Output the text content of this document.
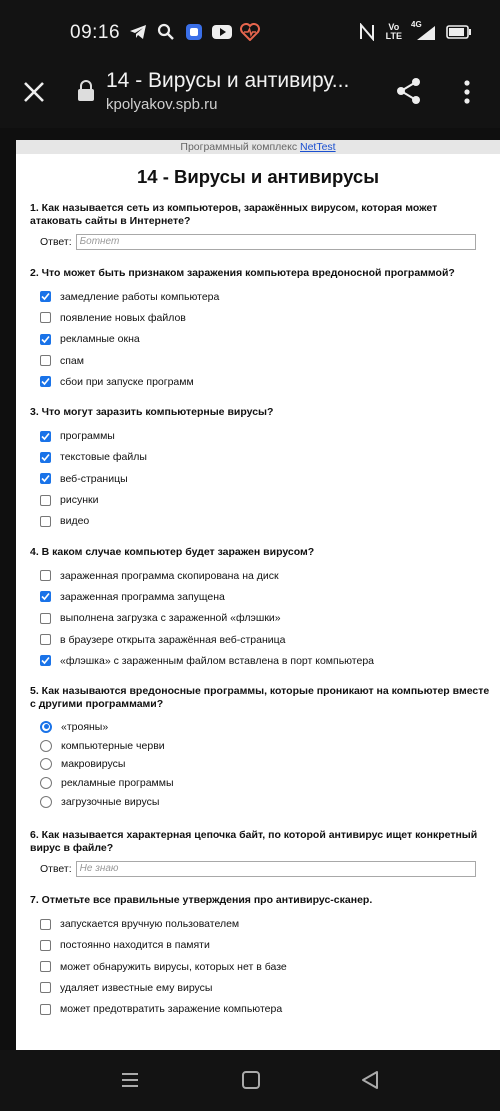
09:16	Vo
LTE
4G
14 - Вирусы и антивиру...
kpolyakov.spb.ru
Программный комплекс NetTest
14 - Вирусы и антивирусы
1. Как называется сеть из компьютеров, заражённых вирусом, которая может атаковать сайты в Интернете?
Ответ: Ботнет
2. Что может быть признаком заражения компьютера вредоносной программой?
замедление работы компьютера
появление новых файлов
рекламные окна
спам
сбои при запуске программ
3. Что могут заразить компьютерные вирусы?
программы
текстовые файлы
веб-страницы
рисунки
видео
4. В каком случае компьютер будет заражен вирусом?
зараженная программа скопирована на диск
зараженная программа запущена
выполнена загрузка с зараженной «флэшки»
в браузере открыта заражённая веб-страница
«флэшка» с зараженным файлом вставлена в порт компьютера
5. Как называются вредоносные программы, которые проникают на компьютер вместе с другими программами?
«трояны»
компьютерные черви
макровирусы
рекламные программы
загрузочные вирусы
6. Как называется характерная цепочка байт, по которой антивирус ищет конкретный вирус в файле?
Ответ: Не знаю
7. Отметьте все правильные утверждения про антивирус-сканер.
запускается вручную пользователем
постоянно находится в памяти
может обнаружить вирусы, которых нет в базе
удаляет известные ему вирусы
может предотвратить заражение компьютера
